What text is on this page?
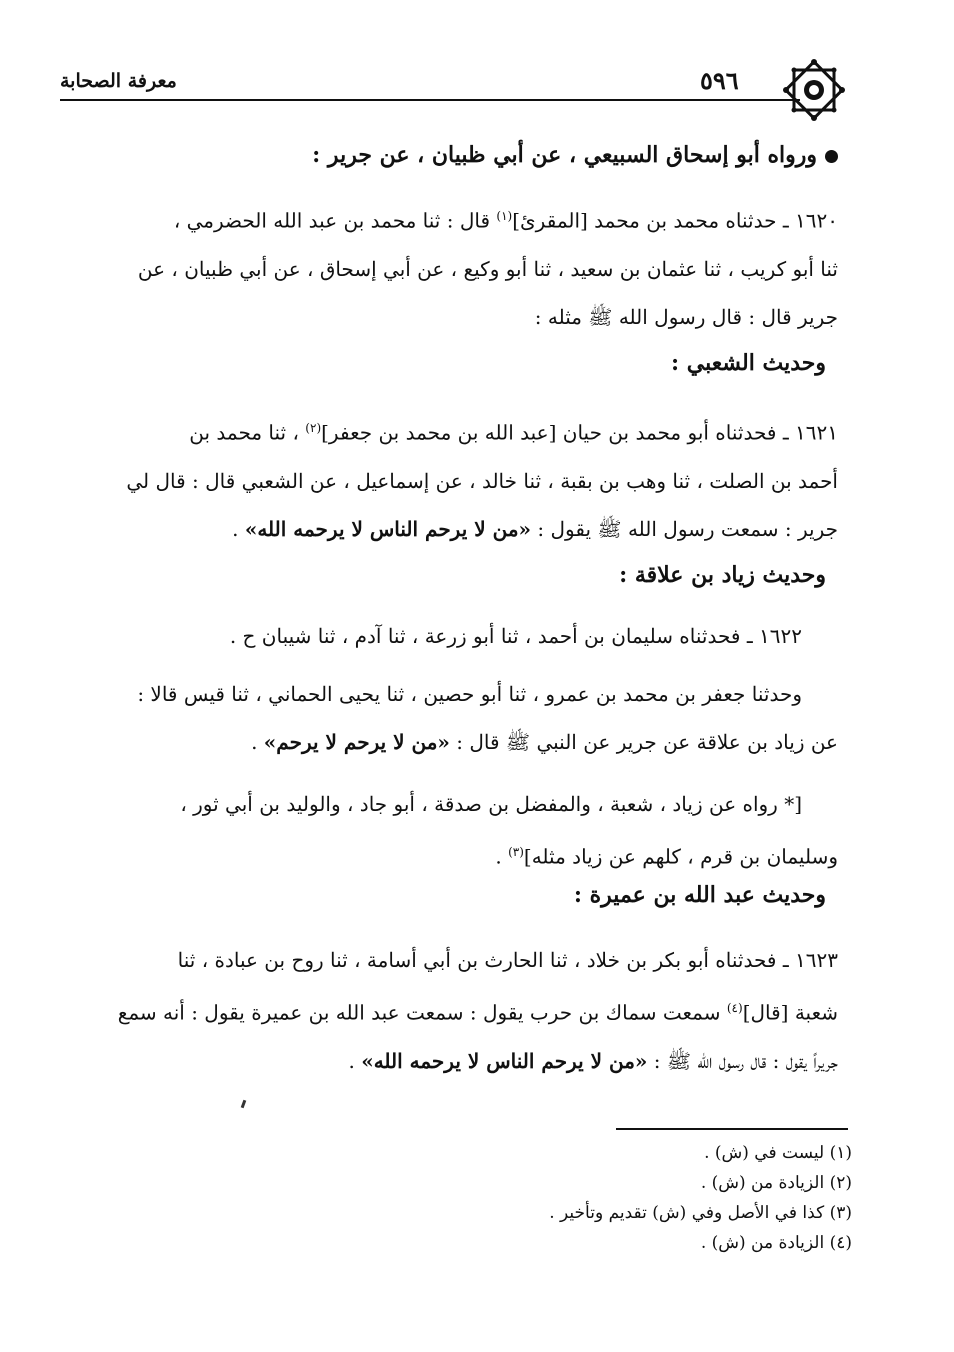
معرفة الصحابة	٥٩٦
ورواه أبو إسحاق السبيعي ، عن أبي ظبيان ، عن جرير :
١٦٢٠ ـ حدثناه محمد بن محمد [المقرئ]$^{(١)}$ قال : ثنا محمد بن عبد الله الحضرمي ،
ثنا أبو كريب ، ثنا عثمان بن سعيد ، ثنا أبو وكيع ، عن أبي إسحاق ، عن أبي ظبيان ، عن
جرير قال : قال رسول الله ﷺ مثله :
وحديث الشعبي :
١٦٢١ ـ فحدثناه أبو محمد بن حيان [عبد الله بن محمد بن جعفر]$^{(٢)}$ ، ثنا محمد بن
أحمد بن الصلت ، ثنا وهب بن بقبة ، ثنا خالد ، عن إسماعيل ، عن الشعبي قال : قال لي
جرير : سمعت رسول الله ﷺ يقول : «من لا يرحم الناس لا يرحمه الله» .
وحديث زياد بن علاقة :
١٦٢٢ ـ فحدثناه سليمان بن أحمد ، ثنا أبو زرعة ، ثنا آدم ، ثنا شيبان ح .
وحدثنا جعفر بن محمد بن عمرو ، ثنا أبو حصين ، ثنا يحيى الحماني ، ثنا قيس قالا :
عن زياد بن علاقة عن جرير عن النبي ﷺ قال : «من لا يرحم لا يرحم» .
[* رواه عن زياد ، شعبة ، والمفضل بن صدقة ، أبو جاد ، والوليد بن أبي ثور ،
وسليمان بن قرم ، كلهم عن زياد مثله]$^{(٣)}$ .
وحديث عبد الله بن عميرة :
١٦٢٣ ـ فحدثناه أبو بكر بن خلاد ، ثنا الحارث بن أبي أسامة ، ثنا روح بن عبادة ، ثنا
شعبة [قال]$^{(٤)}$ سمعت سماك بن حرب يقول : سمعت عبد الله بن عميرة يقول : أنه سمع
جريراً يقول : قال رسول الله ﷺ : «من لا يرحم الناس لا يرحمه الله» .
(١) ليست في (ش) .
(٢) الزيادة من (ش) .
(٣) كذا في الأصل وفي (ش) تقديم وتأخير .
(٤) الزيادة من (ش) .
